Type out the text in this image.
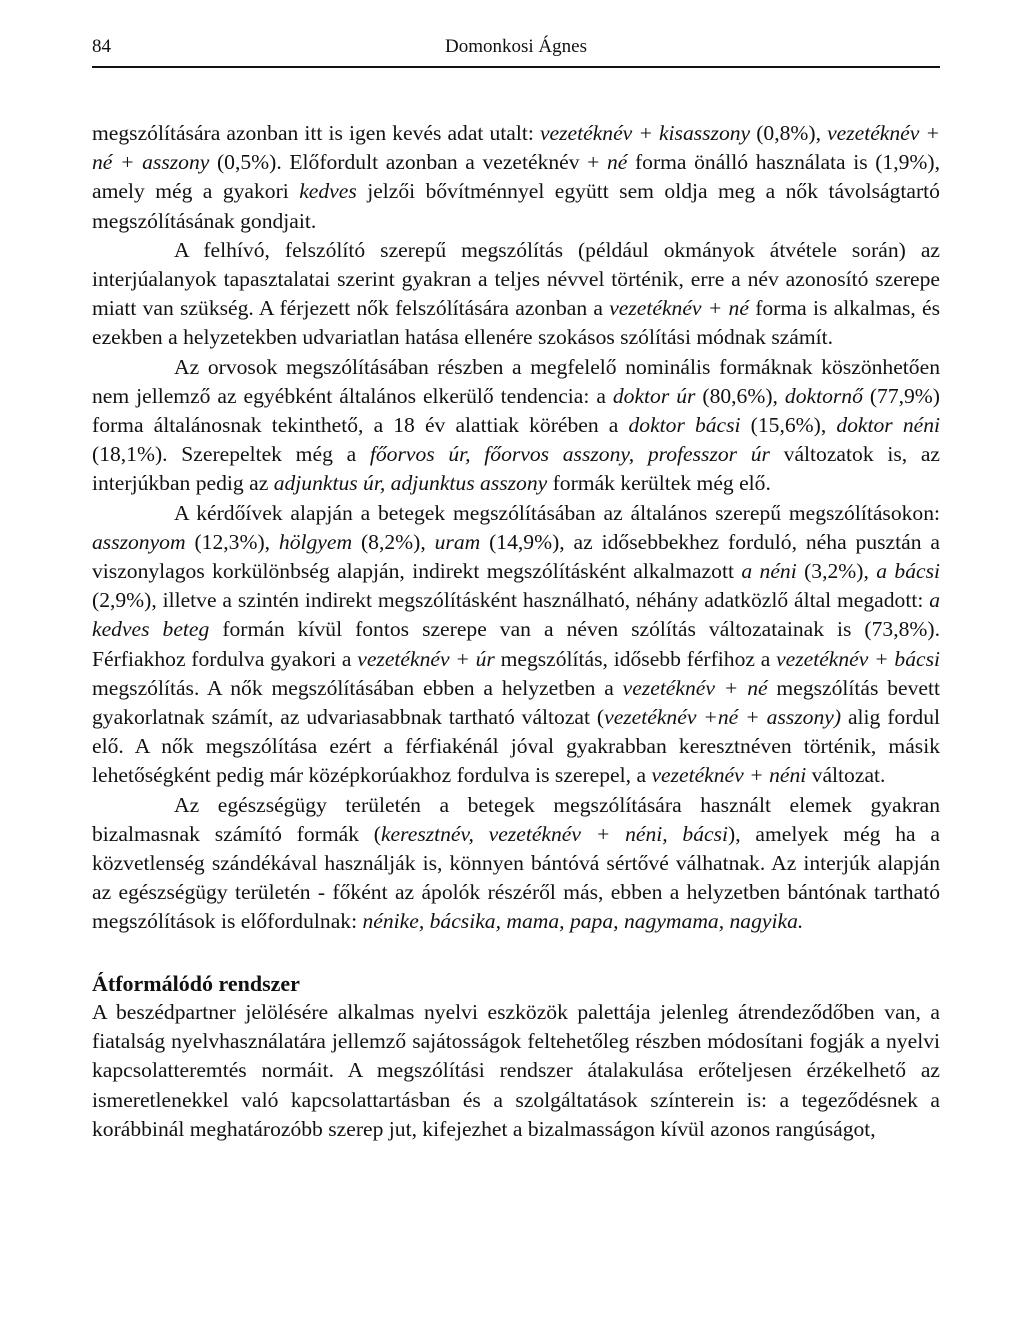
84	Domonkosi Ágnes

megszólítására azonban itt is igen kevés adat utalt: vezetéknév + kisasszony (0,8%), vezetéknév + né + asszony (0,5%). Előfordult azonban a vezetéknév + né forma önálló használata is (1,9%), amely még a gyakori kedves jelzői bővítménnyel együtt sem oldja meg a nők távolságtartó megszólításának gondjait.

A felhívó, felszólító szerepű megszólítás (például okmányok átvétele során) az interjúalanyok tapasztalatai szerint gyakran a teljes névvel történik, erre a név azonosító szerepe miatt van szükség. A férjezett nők felszólítására azonban a vezetéknév + né forma is alkalmas, és ezekben a helyzetekben udvariatlan hatása ellenére szokásos szólítási módnak számít.

Az orvosok megszólításában részben a megfelelő nominális formáknak köszönhetően nem jellemző az egyébként általános elkerülő tendencia: a doktor úr (80,6%), doktornő (77,9%) forma általánosnak tekinthető, a 18 év alattiak körében a doktor bácsi (15,6%), doktor néni (18,1%). Szerepeltek még a főorvos úr, főorvos asszony, professzor úr változatok is, az interjúkban pedig az adjunktus úr, adjunktus asszony formák kerültek még elő.

A kérdőívek alapján a betegek megszólításában az általános szerepű megszólításokon: asszonyom (12,3%), hölgyem (8,2%), uram (14,9%), az idősebbekhez forduló, néha pusztán a viszonylagos korkülönbség alapján, indirekt megszólításként alkalmazott a néni (3,2%), a bácsi (2,9%), illetve a szintén indirekt megszólításként használható, néhány adatközlő által megadott: a kedves beteg formán kívül fontos szerepe van a néven szólítás változatainak is (73,8%). Férfiakhoz fordulva gyakori a vezetéknév + úr megszólítás, idősebb férfihoz a vezetéknév + bácsi megszólítás. A nők megszólításában ebben a helyzetben a vezetéknév + né megszólítás bevett gyakorlatnak számít, az udvariasabbnak tartható változat (vezetéknév +né + asszony) alig fordul elő. A nők megszólítása ezért a férfiakénál jóval gyakrabban keresztnéven történik, másik lehetőségként pedig már középkorúakhoz fordulva is szerepel, a vezetéknév + néni változat.

Az egészségügy területén a betegek megszólítására használt elemek gyakran bizalmasnak számító formák (keresztnév, vezetéknév + néni, bácsi), amelyek még ha a közvetlenség szándékával használják is, könnyen bántóvá sértővé válhatnak. Az interjúk alapján az egészségügy területén - főként az ápolók részéről más, ebben a helyzetben bántónak tartható megszólítások is előfordulnak: nénike, bácsika, mama, papa, nagymama, nagyika.

Átformálódó rendszer

A beszédpartner jelölésére alkalmas nyelvi eszközök palettája jelenleg átrendeződőben van, a fiatalság nyelvhasználatára jellemző sajátosságok feltehetőleg részben módosítani fogják a nyelvi kapcsolatteremtés normáit. A megszólítási rendszer átalakulása erőteljesen érzékelhető az ismeretlenekkel való kapcsolattartásban és a szolgáltatások színterein is: a tegeződésnek a korábbinál meghatározóbb szerep jut, kifejezhet a bizalmasságon kívül azonos rangúságot,
